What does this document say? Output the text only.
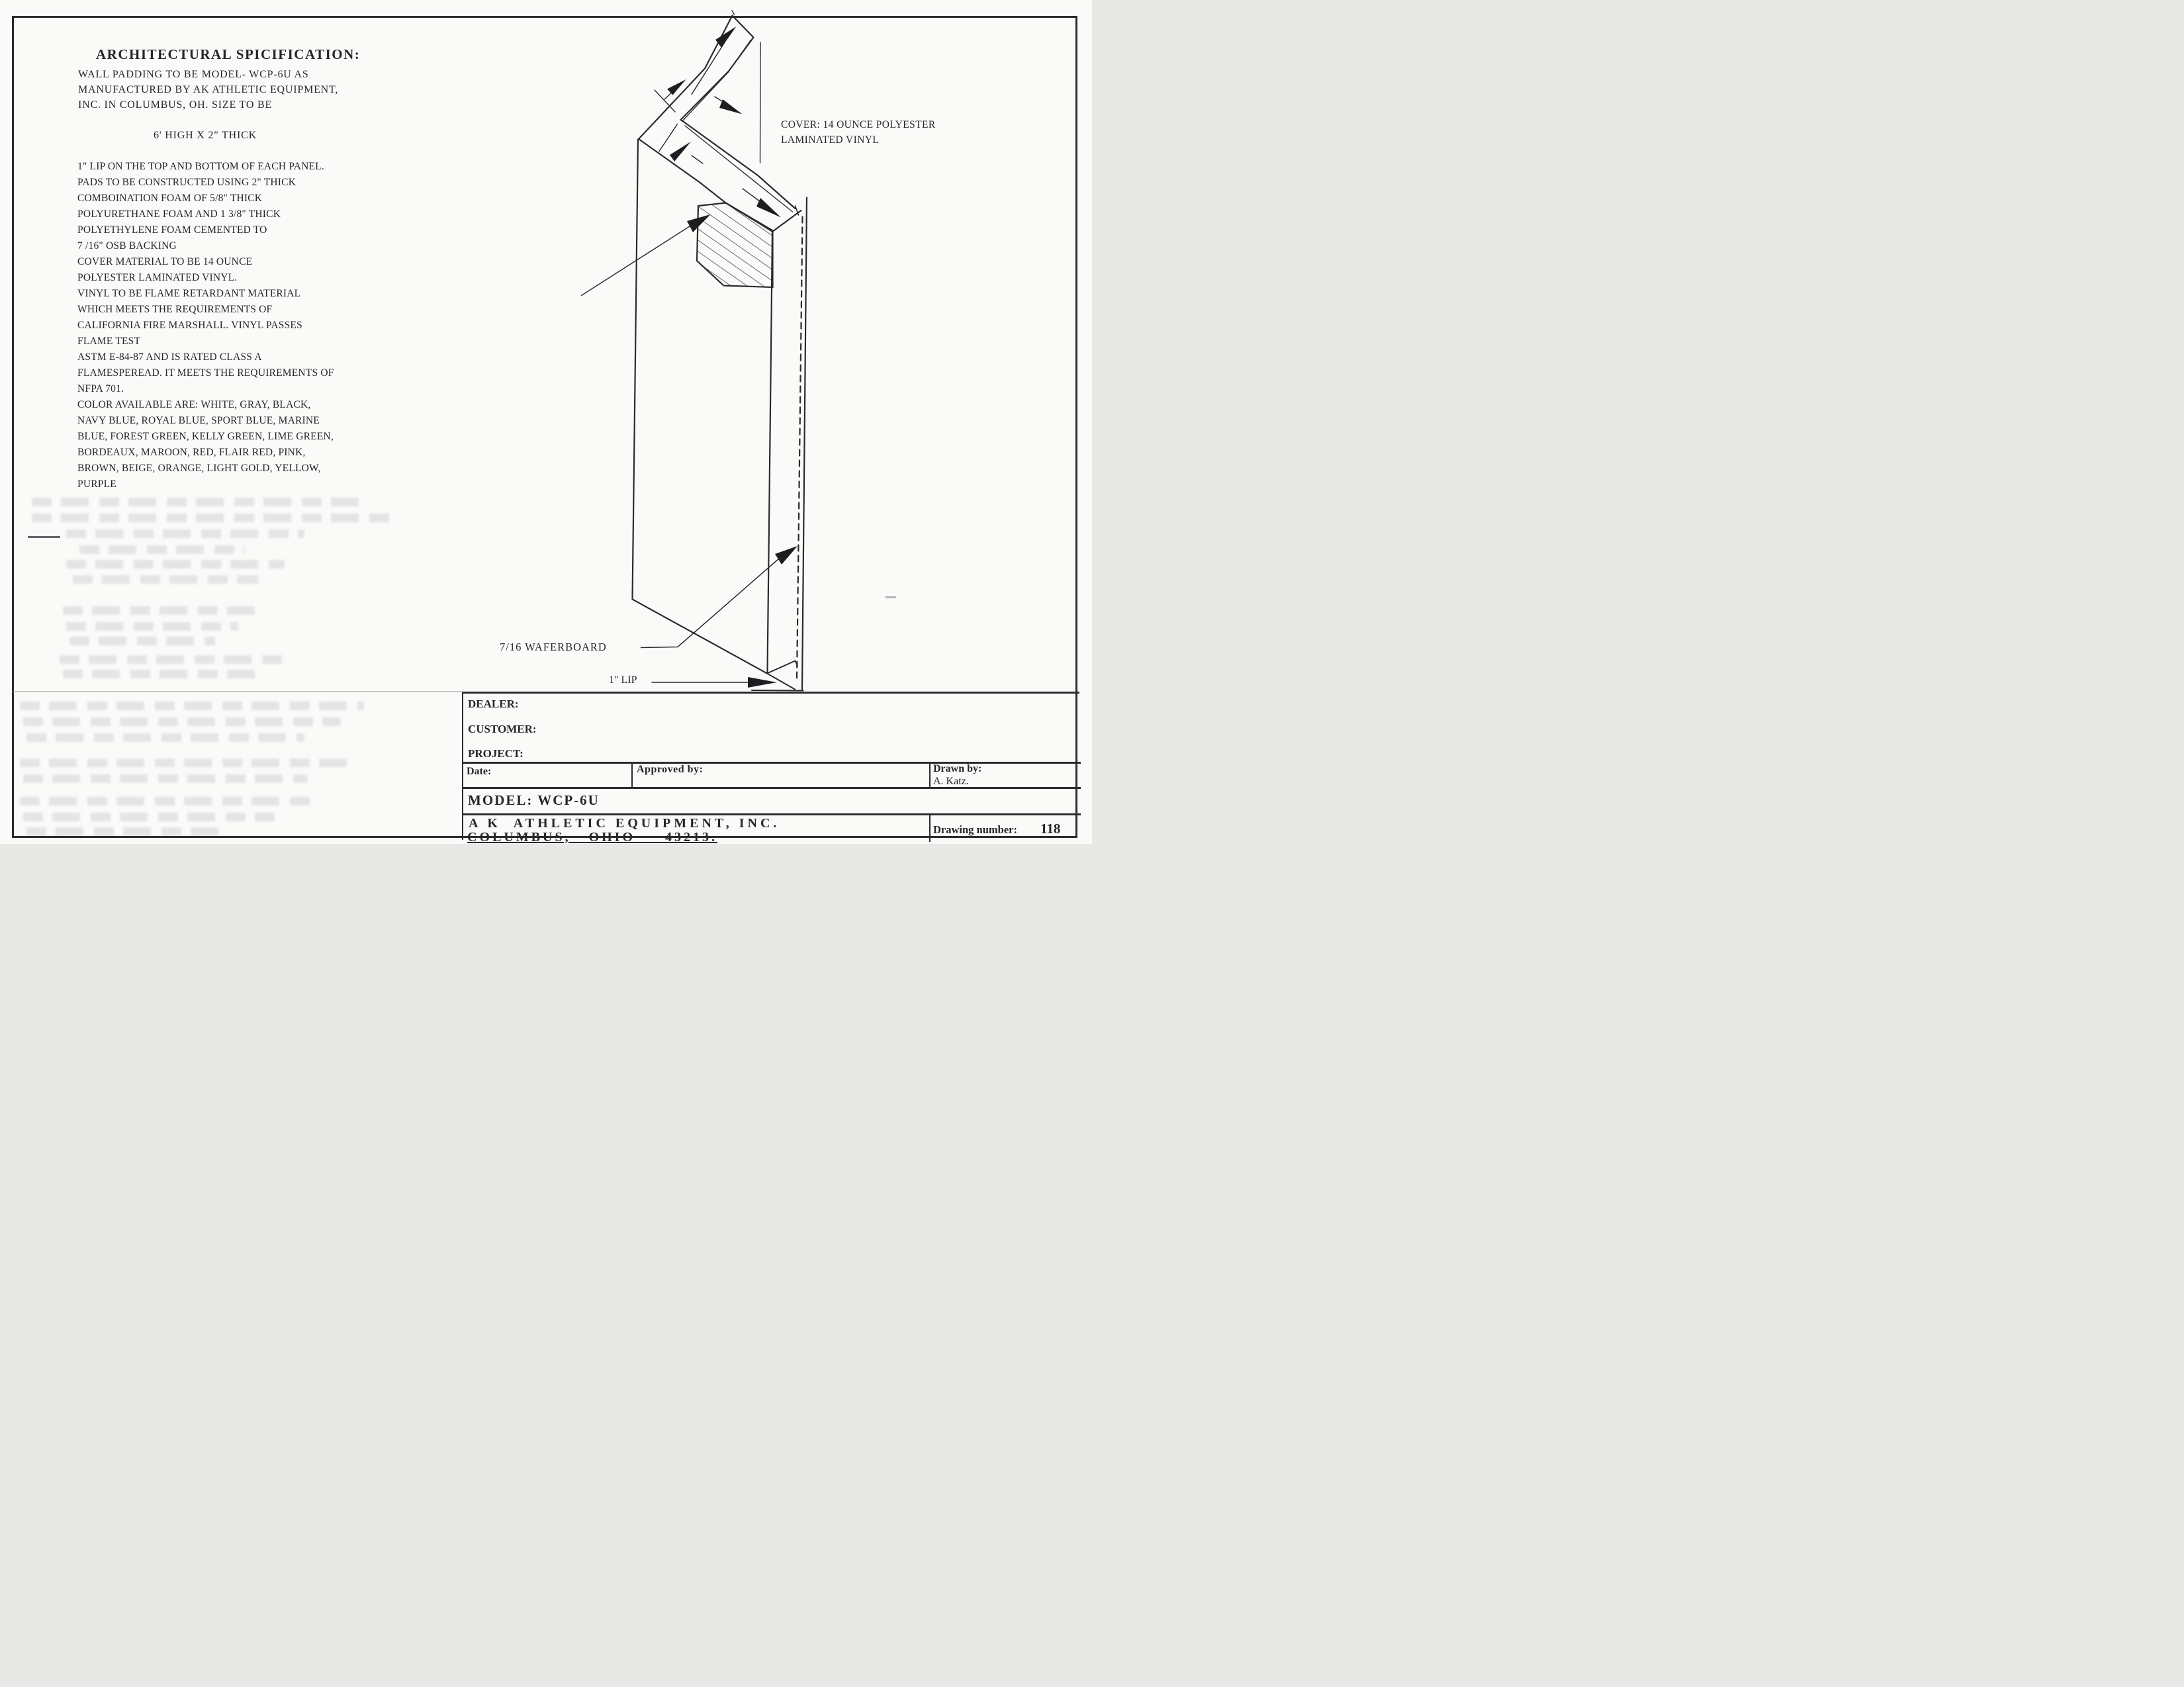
ARCHITECTURAL SPICIFICATION:
WALL PADDING TO BE MODEL- WCP-6U AS
MANUFACTURED BY AK ATHLETIC EQUIPMENT,
INC. IN COLUMBUS, OH. SIZE TO BE
6' HIGH X 2" THICK
1" LIP ON THE TOP AND BOTTOM OF EACH PANEL.
PADS TO BE CONSTRUCTED USING 2" THICK
COMBOINATION FOAM OF 5/8" THICK
POLYURETHANE FOAM AND 1 3/8" THICK
POLYETHYLENE FOAM CEMENTED TO
7 /16" OSB BACKING
COVER MATERIAL TO BE 14 OUNCE
POLYESTER LAMINATED VINYL.
VINYL TO BE FLAME RETARDANT MATERIAL
WHICH MEETS THE REQUIREMENTS OF
CALIFORNIA FIRE MARSHALL. VINYL PASSES
FLAME TEST
ASTM E-84-87 AND IS RATED CLASS A
FLAMESPEREAD. IT MEETS THE REQUIREMENTS OF
NFPA 701.
COLOR AVAILABLE ARE: WHITE, GRAY, BLACK,
NAVY BLUE, ROYAL BLUE, SPORT BLUE, MARINE
BLUE, FOREST GREEN, KELLY GREEN, LIME GREEN,
BORDEAUX, MAROON, RED, FLAIR RED, PINK,
BROWN, BEIGE, ORANGE, LIGHT GOLD, YELLOW,
PURPLE
COVER: 14 OUNCE POLYESTER
LAMINATED VINYL
7/16 WAFERBOARD
1" LIP
DEALER:
CUSTOMER:
PROJECT:
Date:	Approved by:	Drawn by:
A. Katz.
MODEL: WCP-6U
A K  ATHLETIC EQUIPMENT, INC.
COLUMBUS,   OHIO     43213.
Drawing number: 118
